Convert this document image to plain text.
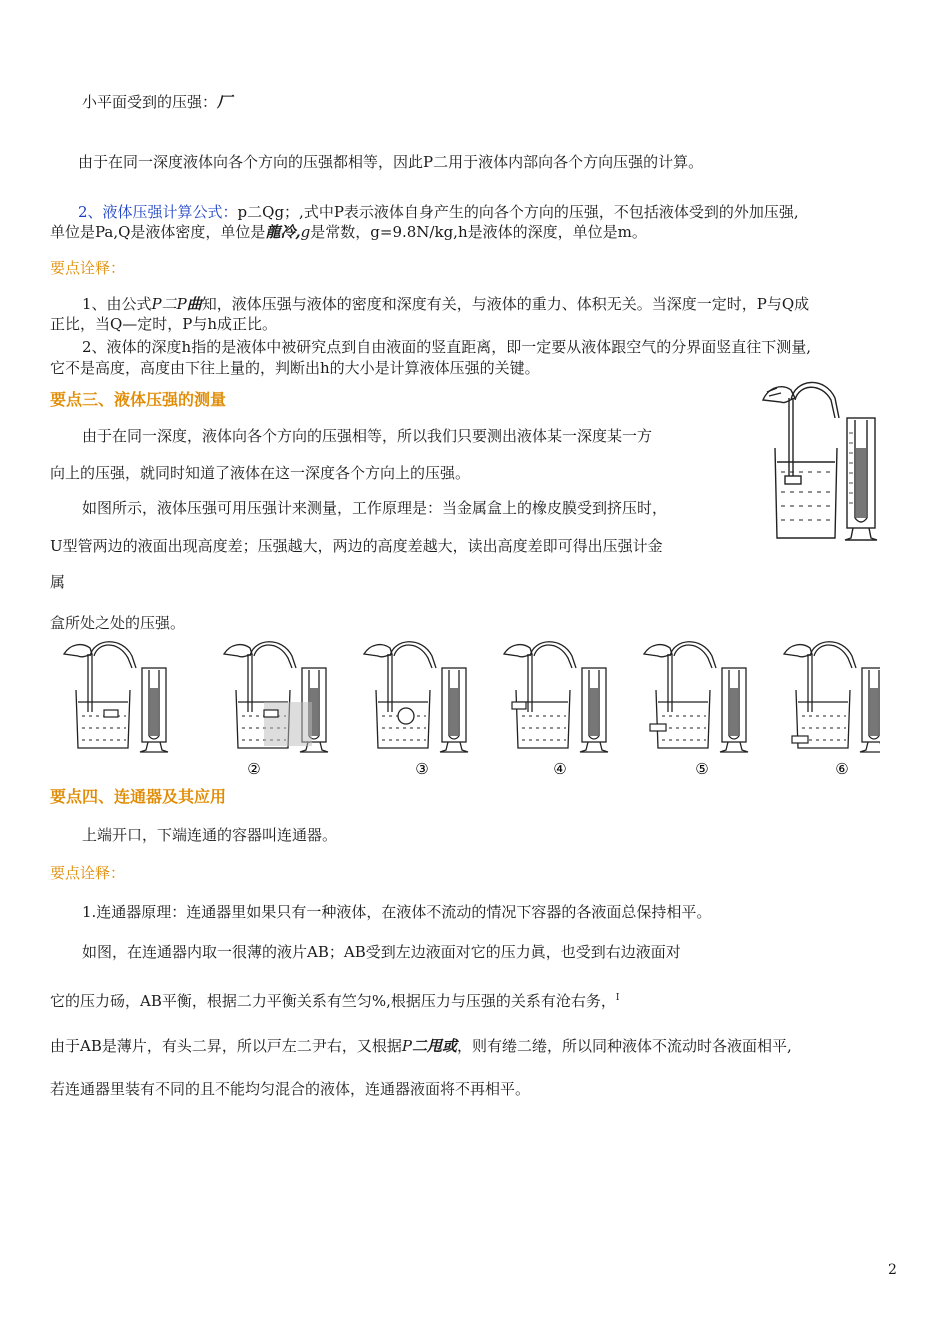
小平面受到的压强：厂
由于在同一深度液体向各个方向的压强都相等，因此P二用于液体内部向各个方向压强的计算。
2、液体压强计算公式：p二Qg；,式中P表示液体自身产生的向各个方向的压强，不包括液体受到的外加压强,
单位是Pa,Q是液体密度，单位是龍冷,g是常数，g=9.8N/kg,h是液体的深度，单位是m。
要点诠释：
1、由公式P二P曲知，液体压强与液体的密度和深度有关，与液体的重力、体积无关。当深度一定时，P与Q成
正比，当Q—定时，P与h成正比。
2、液体的深度h指的是液体中被研究点到自由液面的竖直距离，即一定要从液体跟空气的分界面竖直往下测量,
它不是高度，高度由下往上量的，判断出h的大小是计算液体压强的关键。
要点三、液体压强的测量
由于在同一深度，液体向各个方向的压强相等，所以我们只要测出液体某一深度某一方
向上的压强，就同时知道了液体在这一深度各个方向上的压强。
如图所示，液体压强可用压强计来测量，工作原理是：当金属盒上的橡皮膜受到挤压时，
U型管两边的液面出现高度差；压强越大，两边的高度差越大，读出高度差即可得出压强计金
属
盒所处之处的压强。
②	③	④	⑤	⑥
要点四、连通器及其应用
上端开口，下端连通的容器叫连通器。
要点诠释：
1.连通器原理：连通器里如果只有一种液体，在液体不流动的情况下容器的各液面总保持相平。
如图，在连通器内取一很薄的液片AB；AB受到左边液面对它的压力眞，也受到右边液面对
它的压力砀，AB平衡，根据二力平衡关系有竺匀%,根据压力与压强的关系有沧右务，$^I$
由于AB是薄片，有头二昇，所以戸左二尹右，又根据P二甩或，则有绻二绻，所以同种液体不流动时各液面相平,
若连通器里装有不同的且不能均匀混合的液体，连通器液面将不再相平。
2
